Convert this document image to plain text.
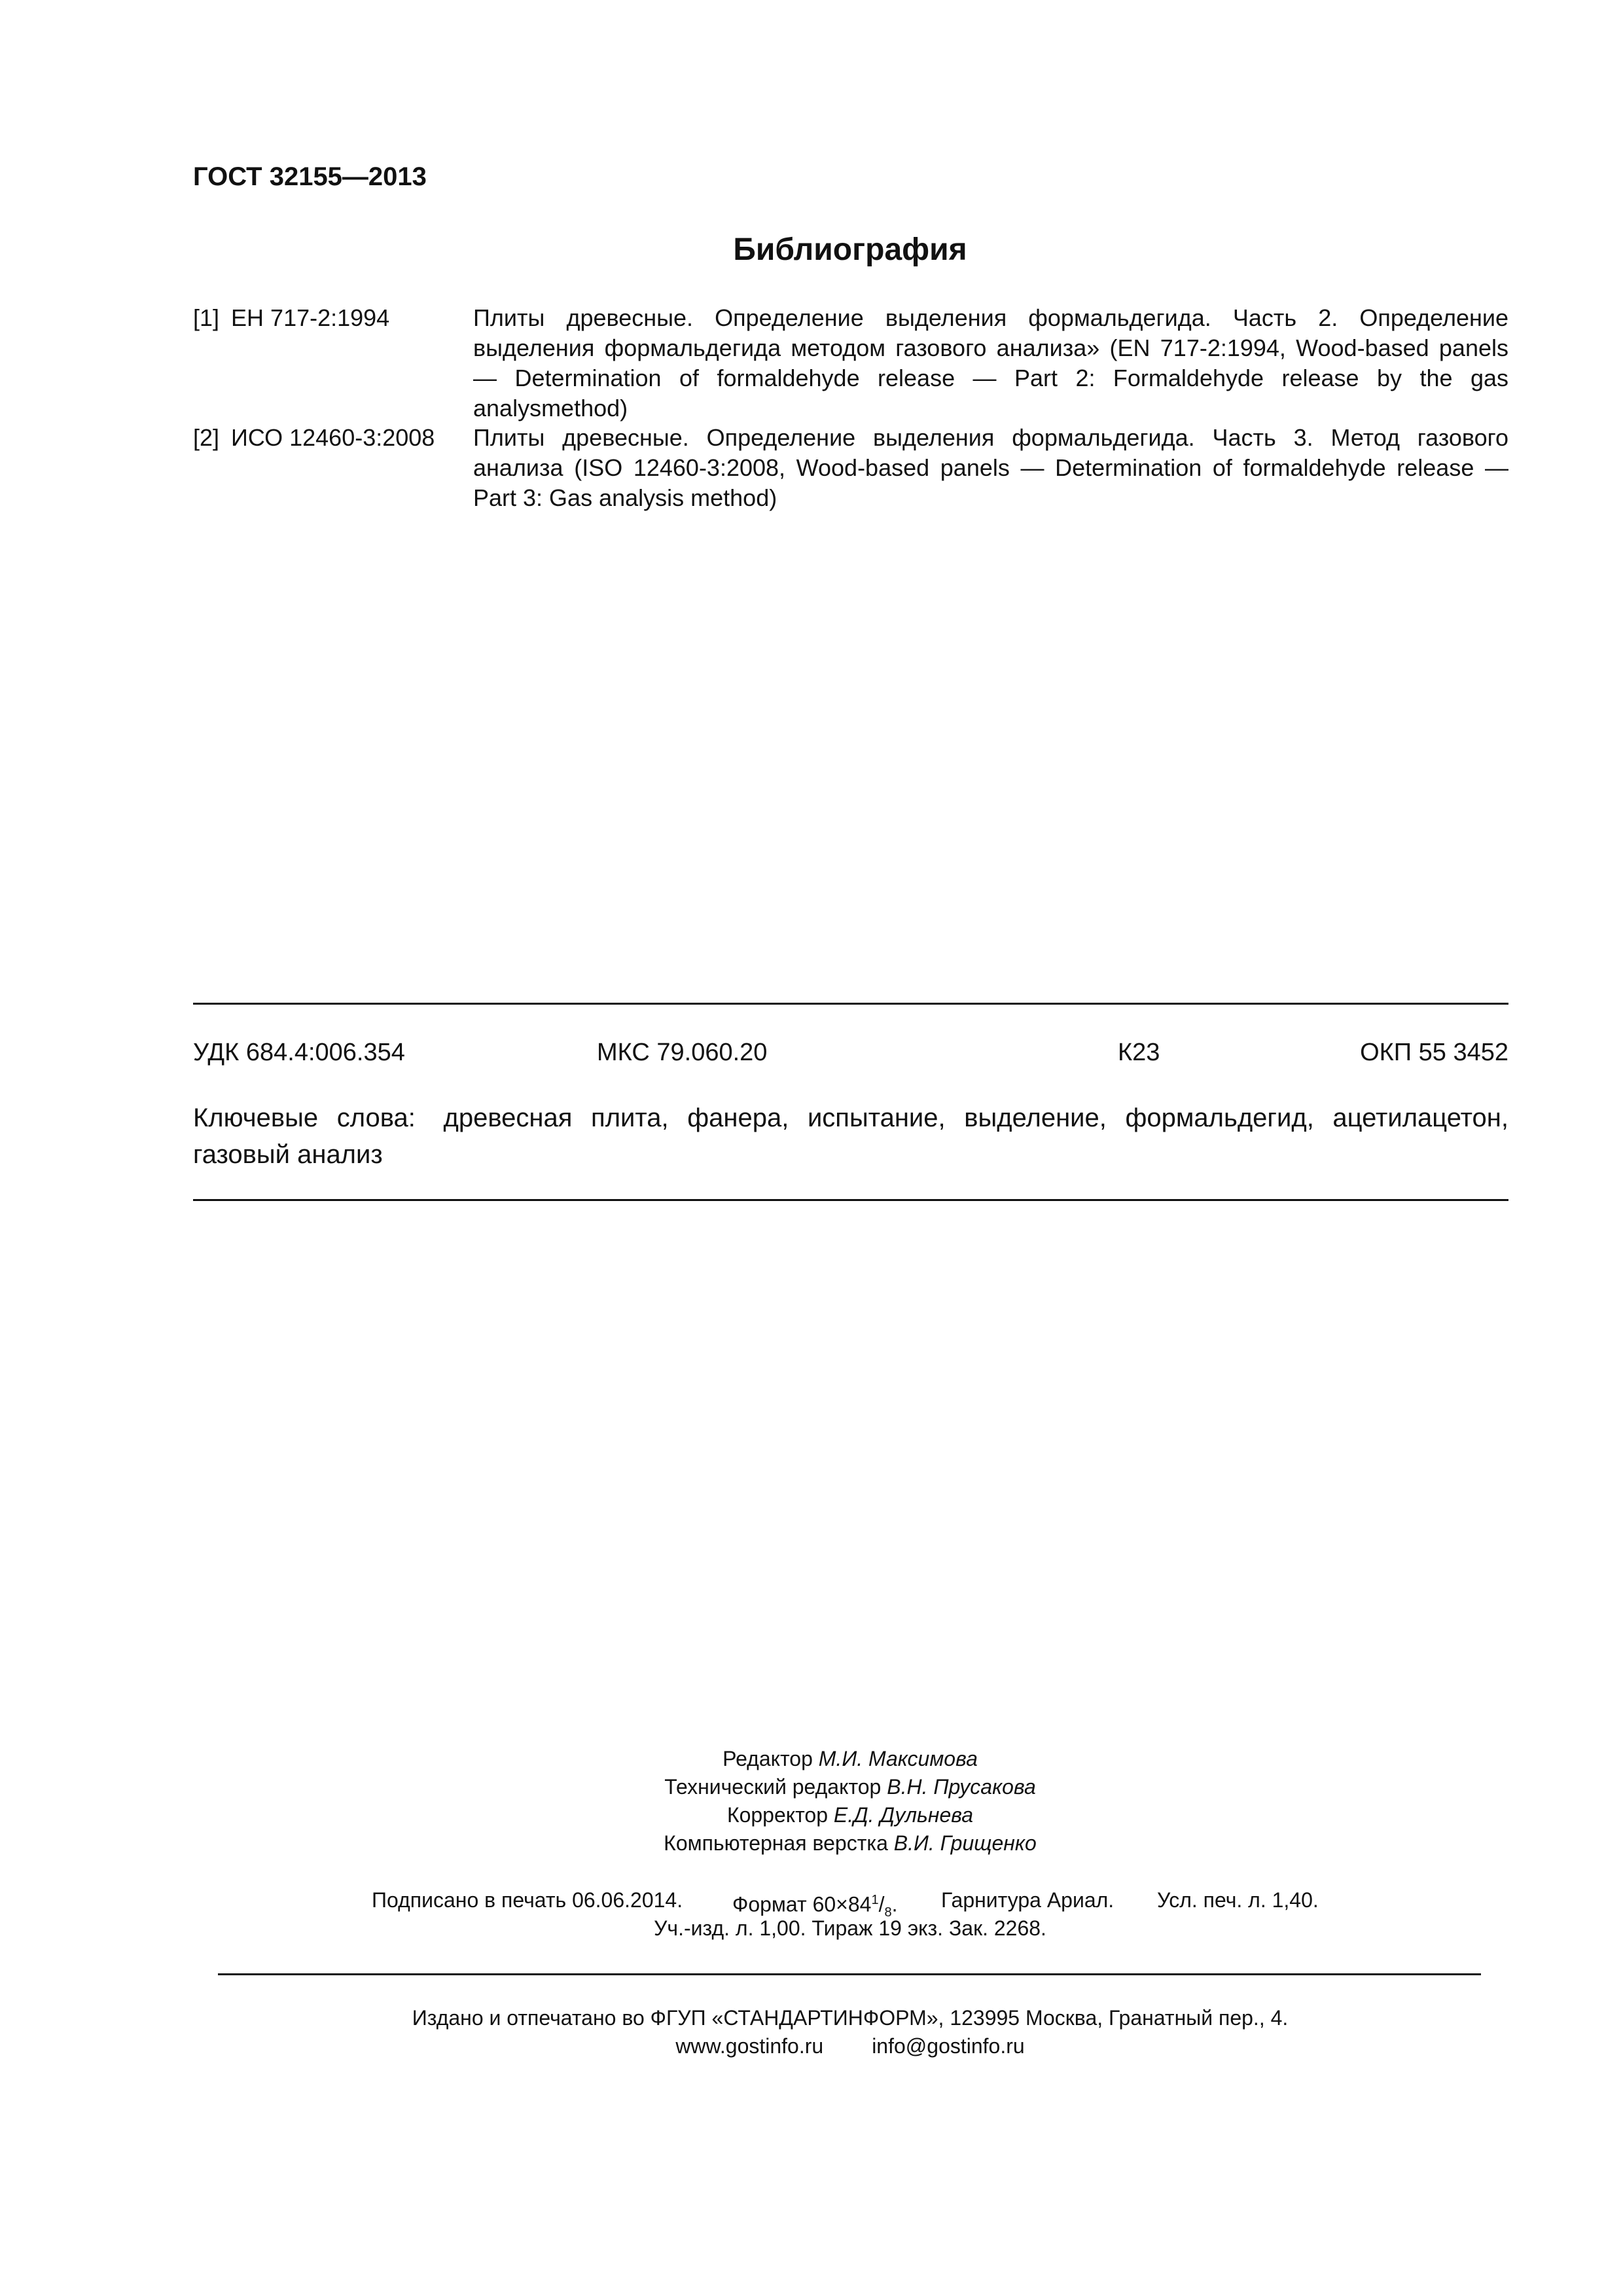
ГОСТ 32155—2013
Библиография
[1] ЕН 717-2:1994	Плиты древесные. Определение выделения формальдегида. Часть 2. Определение выделения формальдегида методом газового анализа» (EN 717-2:1994, Wood-based panels — Determination of formaldehyde release — Part 2: Formaldehyde release by the gas analysmethod)
[2] ИСО 12460-3:2008 Плиты древесные. Определение выделения формальдегида. Часть 3. Метод газового анализа (ISO 12460-3:2008, Wood-based panels — Determination of formaldehyde release — Part 3: Gas analysis method)
УДК 684.4:006.354	МКС 79.060.20	К23	ОКП 55 3452
Ключевые слова: древесная плита, фанера, испытание, выделение, формальдегид, ацетилацетон, газовый анализ
Редактор М.И. Максимова
Технический редактор В.Н. Прусакова
Корректор Е.Д. Дульнева
Компьютерная верстка В.И. Грищенко
Подписано в печать 06.06.2014. Формат $60\times 84^1/_8$. Гарнитура Ариал. Усл. печ. л. 1,40.
Уч.-изд. л. 1,00. Тираж 19 экз. Зак. 2268.
Издано и отпечатано во ФГУП «СТАНДАРТИНФОРМ», 123995 Москва, Гранатный пер., 4.
www.gostinfo.ru info@gostinfo.ru
